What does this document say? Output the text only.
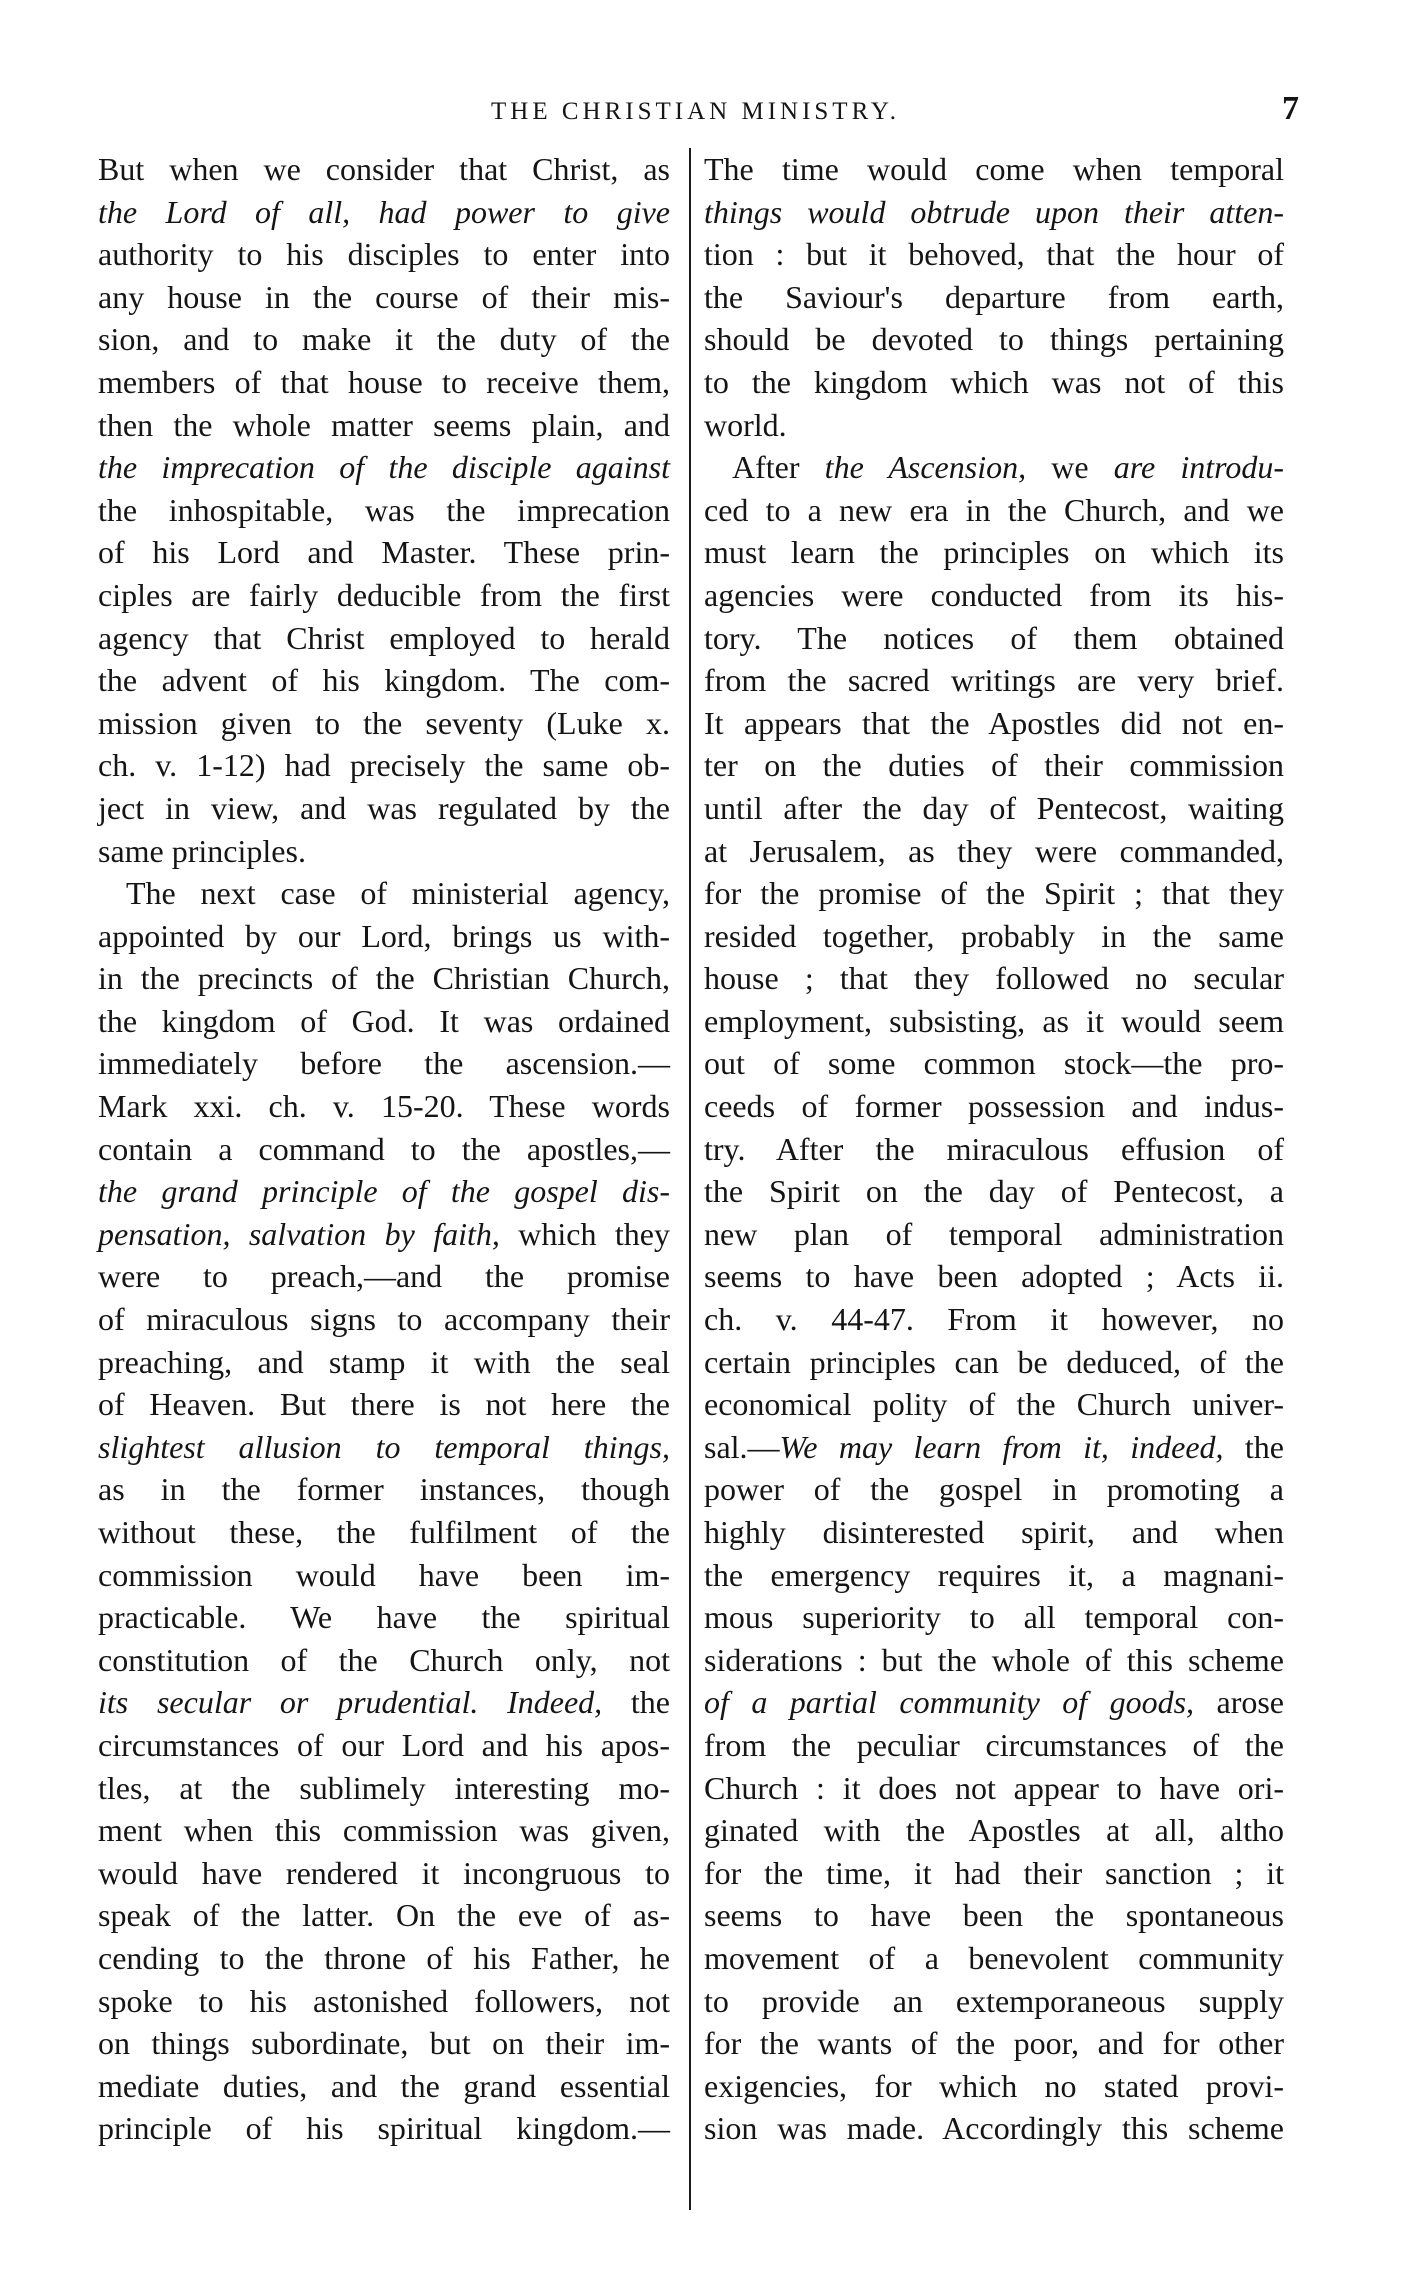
THE CHRISTIAN MINISTRY.	7
But when we consider that Christ, as
the Lord of all, had power to give
authority to his disciples to enter into
any house in the course of their mis-
sion, and to make it the duty of the
members of that house to receive them,
then the whole matter seems plain, and
the imprecation of the disciple against
the inhospitable, was the imprecation
of his Lord and Master. These prin-
ciples are fairly deducible from the first
agency that Christ employed to herald
the advent of his kingdom. The com-
mission given to the seventy (Luke x.
ch. v. 1-12) had precisely the same ob-
ject in view, and was regulated by the
same principles.
The next case of ministerial agency,
appointed by our Lord, brings us with-
in the precincts of the Christian Church,
the kingdom of God. It was ordained
immediately before the ascension.—
Mark xxi. ch. v. 15-20. These words
contain a command to the apostles,—
the grand principle of the gospel dis-
pensation, salvation by faith, which they
were to preach,—and the promise
of miraculous signs to accompany their
preaching, and stamp it with the seal
of Heaven. But there is not here the
slightest allusion to temporal things,
as in the former instances, though
without these, the fulfilment of the
commission would have been im-
practicable. We have the spiritual
constitution of the Church only, not
its secular or prudential. Indeed, the
circumstances of our Lord and his apos-
tles, at the sublimely interesting mo-
ment when this commission was given,
would have rendered it incongruous to
speak of the latter. On the eve of as-
cending to the throne of his Father, he
spoke to his astonished followers, not
on things subordinate, but on their im-
mediate duties, and the grand essential
principle of his spiritual kingdom.—
The time would come when temporal
things would obtrude upon their atten-
tion : but it behoved, that the hour of
the Saviour's departure from earth,
should be devoted to things pertaining
to the kingdom which was not of this
world.
After the Ascension, we are introdu-
ced to a new era in the Church, and we
must learn the principles on which its
agencies were conducted from its his-
tory. The notices of them obtained
from the sacred writings are very brief.
It appears that the Apostles did not en-
ter on the duties of their commission
until after the day of Pentecost, waiting
at Jerusalem, as they were commanded,
for the promise of the Spirit ; that they
resided together, probably in the same
house ; that they followed no secular
employment, subsisting, as it would seem
out of some common stock—the pro-
ceeds of former possession and indus-
try. After the miraculous effusion of
the Spirit on the day of Pentecost, a
new plan of temporal administration
seems to have been adopted ; Acts ii.
ch. v. 44-47. From it however, no
certain principles can be deduced, of the
economical polity of the Church univer-
sal.—We may learn from it, indeed, the
power of the gospel in promoting a
highly disinterested spirit, and when
the emergency requires it, a magnani-
mous superiority to all temporal con-
siderations : but the whole of this scheme
of a partial community of goods, arose
from the peculiar circumstances of the
Church : it does not appear to have ori-
ginated with the Apostles at all, altho
for the time, it had their sanction ; it
seems to have been the spontaneous
movement of a benevolent community
to provide an extemporaneous supply
for the wants of the poor, and for other
exigencies, for which no stated provi-
sion was made. Accordingly this scheme
